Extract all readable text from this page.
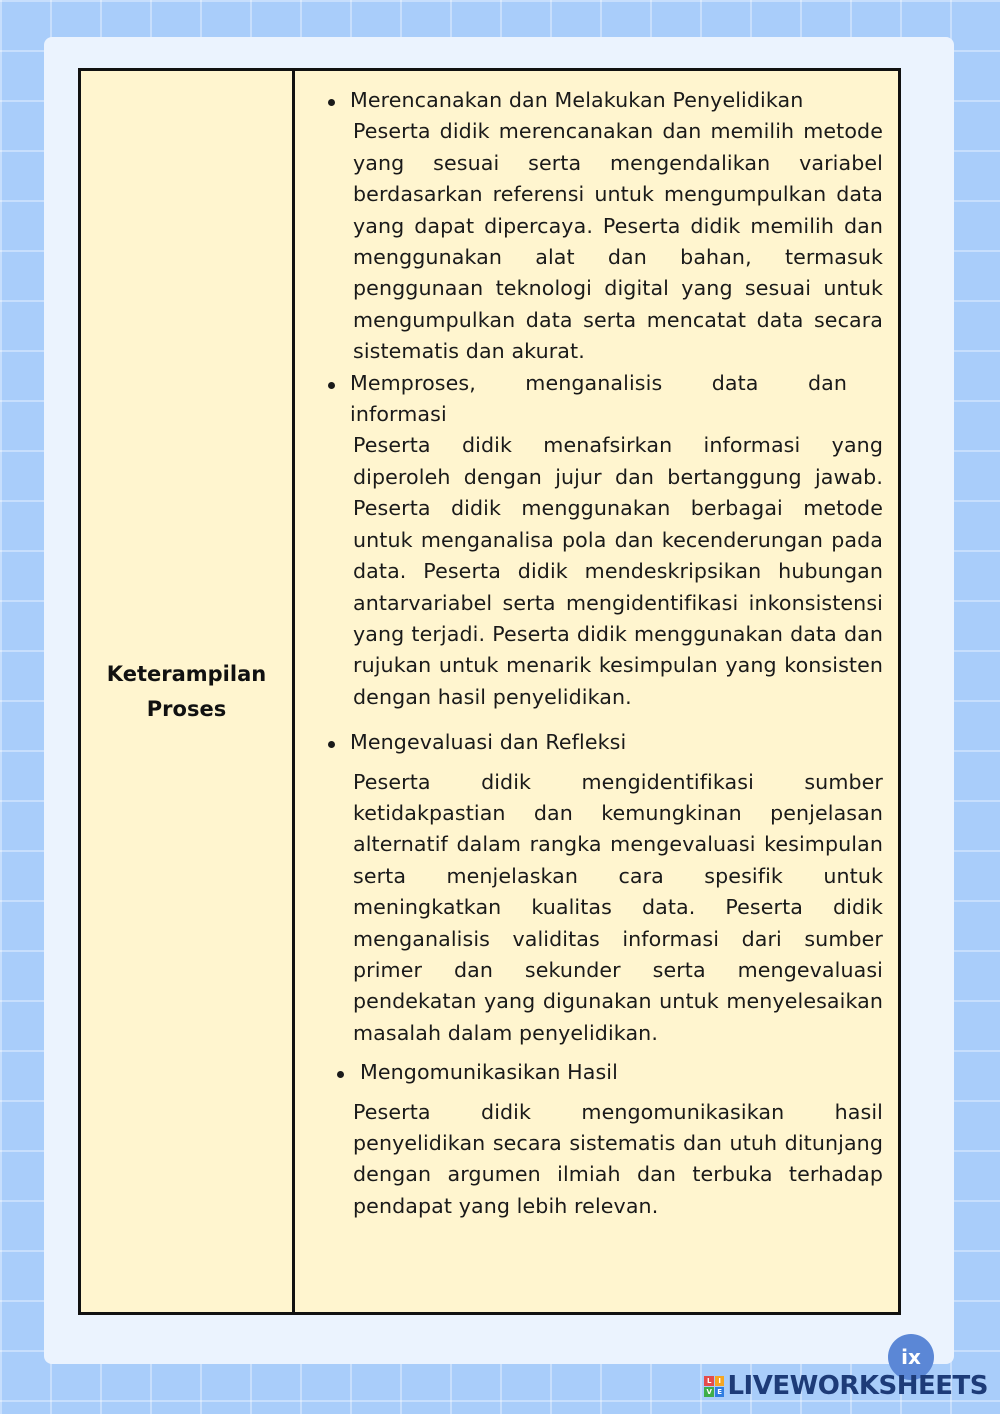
Keterampilan
Proses
Merencanakan dan Melakukan Penyelidikan
Peserta didik merencanakan dan memilih metode yang sesuai serta mengendalikan variabel berdasarkan referensi untuk mengumpulkan data yang dapat dipercaya. Peserta didik memilih dan menggunakan alat dan bahan, termasuk penggunaan teknologi digital yang sesuai untuk mengumpulkan data serta mencatat data secara sistematis dan akurat.
Memproses, menganalisis data dan
informasi
Peserta didik menafsirkan informasi yang diperoleh dengan jujur dan bertanggung jawab. Peserta didik menggunakan berbagai metode untuk menganalisa pola dan kecenderungan pada data. Peserta didik mendeskripsikan hubungan antarvariabel serta mengidentifikasi inkonsistensi yang terjadi. Peserta didik menggunakan data dan rujukan untuk menarik kesimpulan yang konsisten dengan hasil penyelidikan.
Mengevaluasi dan Refleksi
Peserta didik mengidentifikasi sumber ketidakpastian dan kemungkinan penjelasan alternatif dalam rangka mengevaluasi kesimpulan serta menjelaskan cara spesifik untuk meningkatkan kualitas data. Peserta didik menganalisis validitas informasi dari sumber primer dan sekunder serta mengevaluasi pendekatan yang digunakan untuk menyelesaikan masalah dalam penyelidikan.
Mengomunikasikan Hasil
Peserta didik mengomunikasikan hasil penyelidikan secara sistematis dan utuh ditunjang dengan argumen ilmiah dan terbuka terhadap pendapat yang lebih relevan.
ix
L I
V E LIVEWORKSHEETS
